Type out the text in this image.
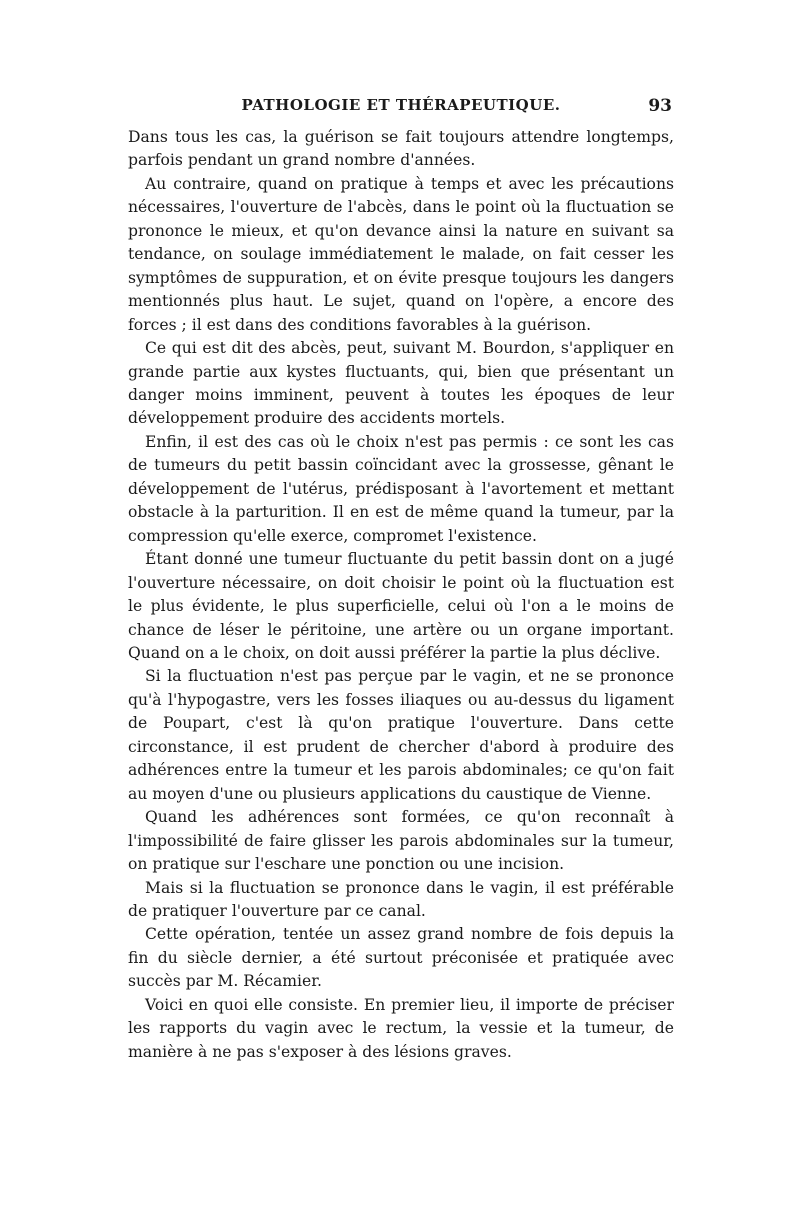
PATHOLOGIE ET THÉRAPEUTIQUE.	93

Dans tous les cas, la guérison se fait toujours attendre longtemps, parfois pendant un grand nombre d'années.

Au contraire, quand on pratique à temps et avec les précautions nécessaires, l'ouverture de l'abcès, dans le point où la fluctuation se prononce le mieux, et qu'on devance ainsi la nature en suivant sa tendance, on soulage immédiatement le malade, on fait cesser les symptômes de suppuration, et on évite presque toujours les dangers mentionnés plus haut. Le sujet, quand on l'opère, a encore des forces ; il est dans des conditions favorables à la guérison.

Ce qui est dit des abcès, peut, suivant M. Bourdon, s'appliquer en grande partie aux kystes fluctuants, qui, bien que présentant un danger moins imminent, peuvent à toutes les époques de leur développement produire des accidents mortels.

Enfin, il est des cas où le choix n'est pas permis : ce sont les cas de tumeurs du petit bassin coïncidant avec la grossesse, gênant le développement de l'utérus, prédisposant à l'avortement et mettant obstacle à la parturition. Il en est de même quand la tumeur, par la compression qu'elle exerce, compromet l'existence.

Étant donné une tumeur fluctuante du petit bassin dont on a jugé l'ouverture nécessaire, on doit choisir le point où la fluctuation est le plus évidente, le plus superficielle, celui où l'on a le moins de chance de léser le péritoine, une artère ou un organe important. Quand on a le choix, on doit aussi préférer la partie la plus déclive.

Si la fluctuation n'est pas perçue par le vagin, et ne se prononce qu'à l'hypogastre, vers les fosses iliaques ou au-dessus du ligament de Poupart, c'est là qu'on pratique l'ouverture. Dans cette circonstance, il est prudent de chercher d'abord à produire des adhérences entre la tumeur et les parois abdominales; ce qu'on fait au moyen d'une ou plusieurs applications du caustique de Vienne.

Quand les adhérences sont formées, ce qu'on reconnaît à l'impossibilité de faire glisser les parois abdominales sur la tumeur, on pratique sur l'eschare une ponction ou une incision.

Mais si la fluctuation se prononce dans le vagin, il est préférable de pratiquer l'ouverture par ce canal.

Cette opération, tentée un assez grand nombre de fois depuis la fin du siècle dernier, a été surtout préconisée et pratiquée avec succès par M. Récamier.

Voici en quoi elle consiste. En premier lieu, il importe de préciser les rapports du vagin avec le rectum, la vessie et la tumeur, de manière à ne pas s'exposer à des lésions graves.
